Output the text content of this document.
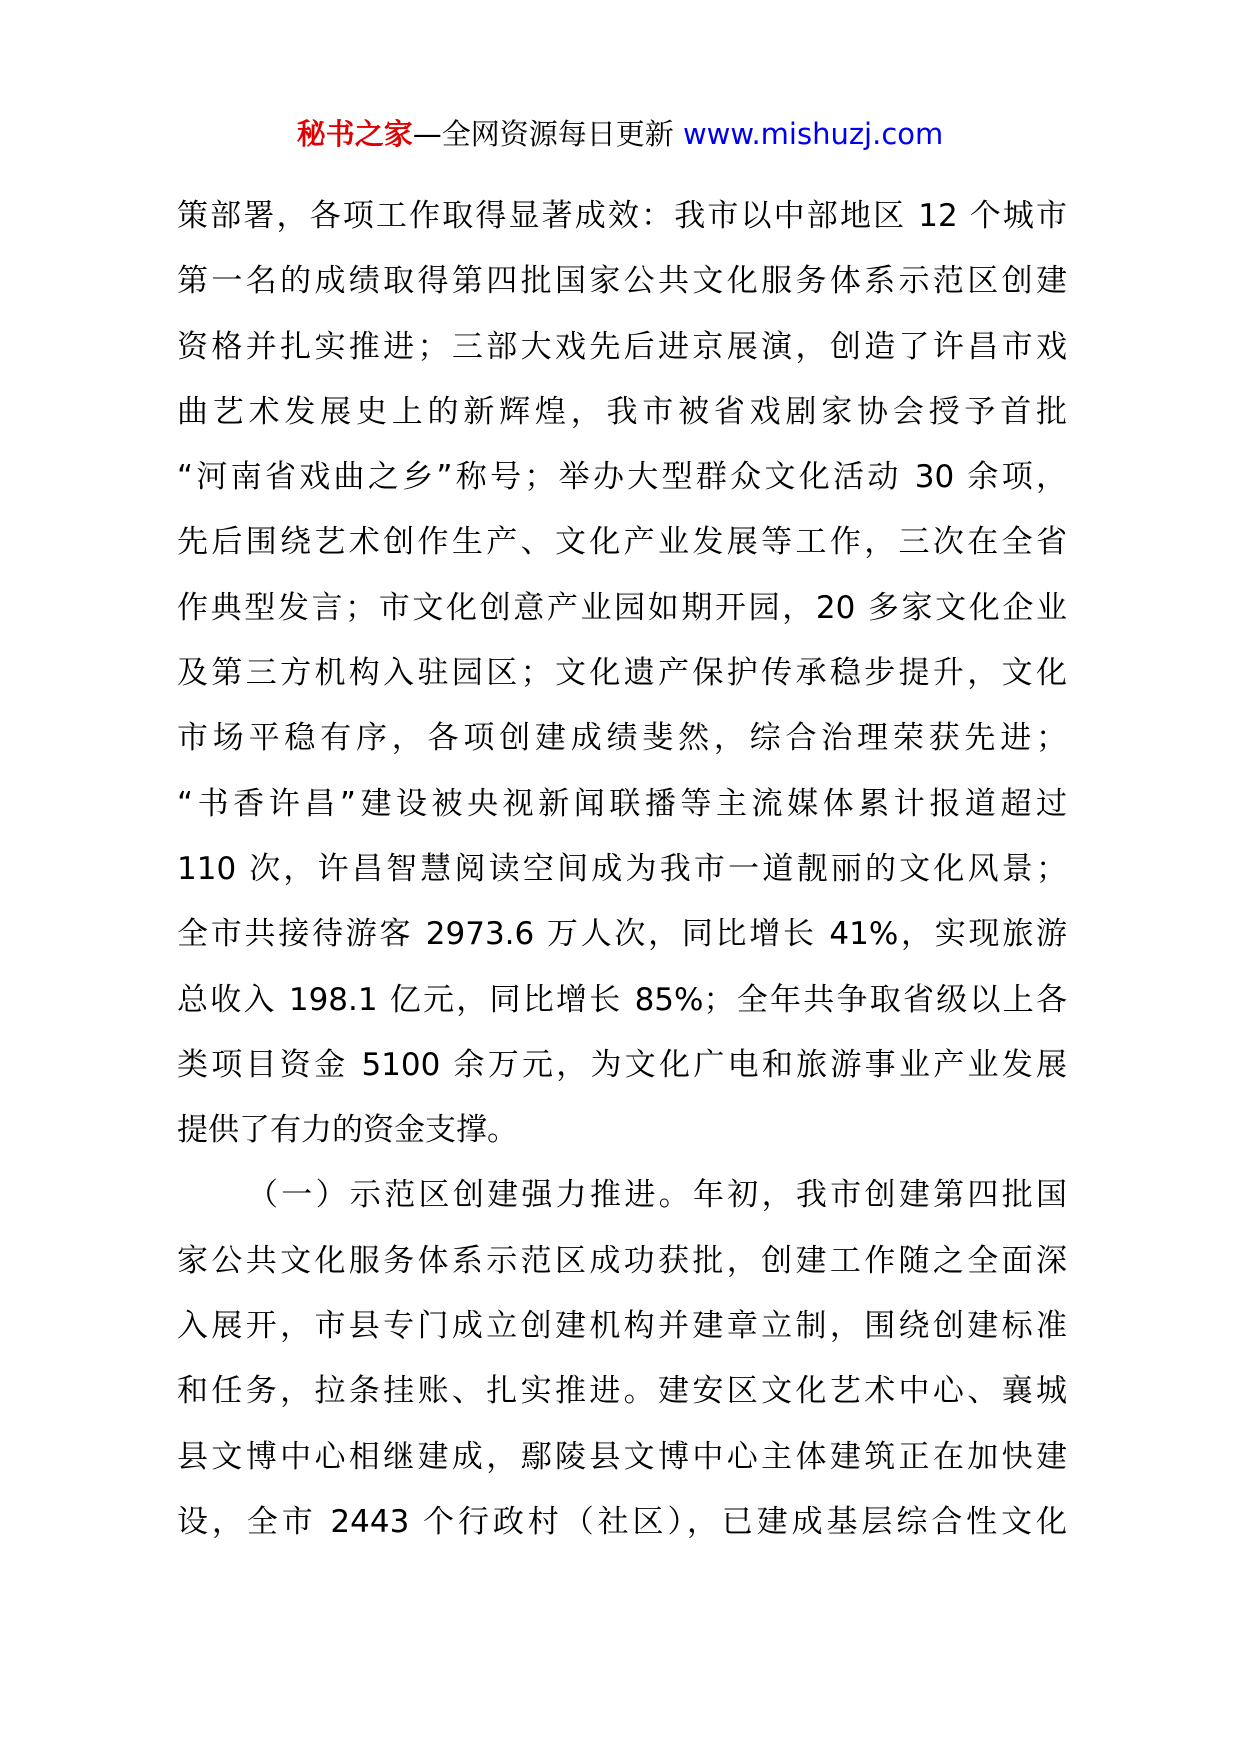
秘书之家—全网资源每日更新 www.mishuzj.com
策部署，各项工作取得显著成效：我市以中部地区 12 个城市
第一名的成绩取得第四批国家公共文化服务体系示范区创建
资格并扎实推进；三部大戏先后进京展演，创造了许昌市戏
曲艺术发展史上的新辉煌，我市被省戏剧家协会授予首批
“河南省戏曲之乡”称号；举办大型群众文化活动 30 余项，
先后围绕艺术创作生产、文化产业发展等工作，三次在全省
作典型发言；市文化创意产业园如期开园，20 多家文化企业
及第三方机构入驻园区；文化遗产保护传承稳步提升，文化
市场平稳有序，各项创建成绩斐然，综合治理荣获先进；
“书香许昌”建设被央视新闻联播等主流媒体累计报道超过
110 次，许昌智慧阅读空间成为我市一道靓丽的文化风景；
全市共接待游客 2973.6 万人次，同比增长 41%，实现旅游
总收入 198.1 亿元，同比增长 85%；全年共争取省级以上各
类项目资金 5100 余万元，为文化广电和旅游事业产业发展
提供了有力的资金支撑。
（一）示范区创建强力推进。年初，我市创建第四批国
家公共文化服务体系示范区成功获批，创建工作随之全面深
入展开，市县专门成立创建机构并建章立制，围绕创建标准
和任务，拉条挂账、扎实推进。建安区文化艺术中心、襄城
县文博中心相继建成，鄢陵县文博中心主体建筑正在加快建
设，全市 2443 个行政村（社区），已建成基层综合性文化
